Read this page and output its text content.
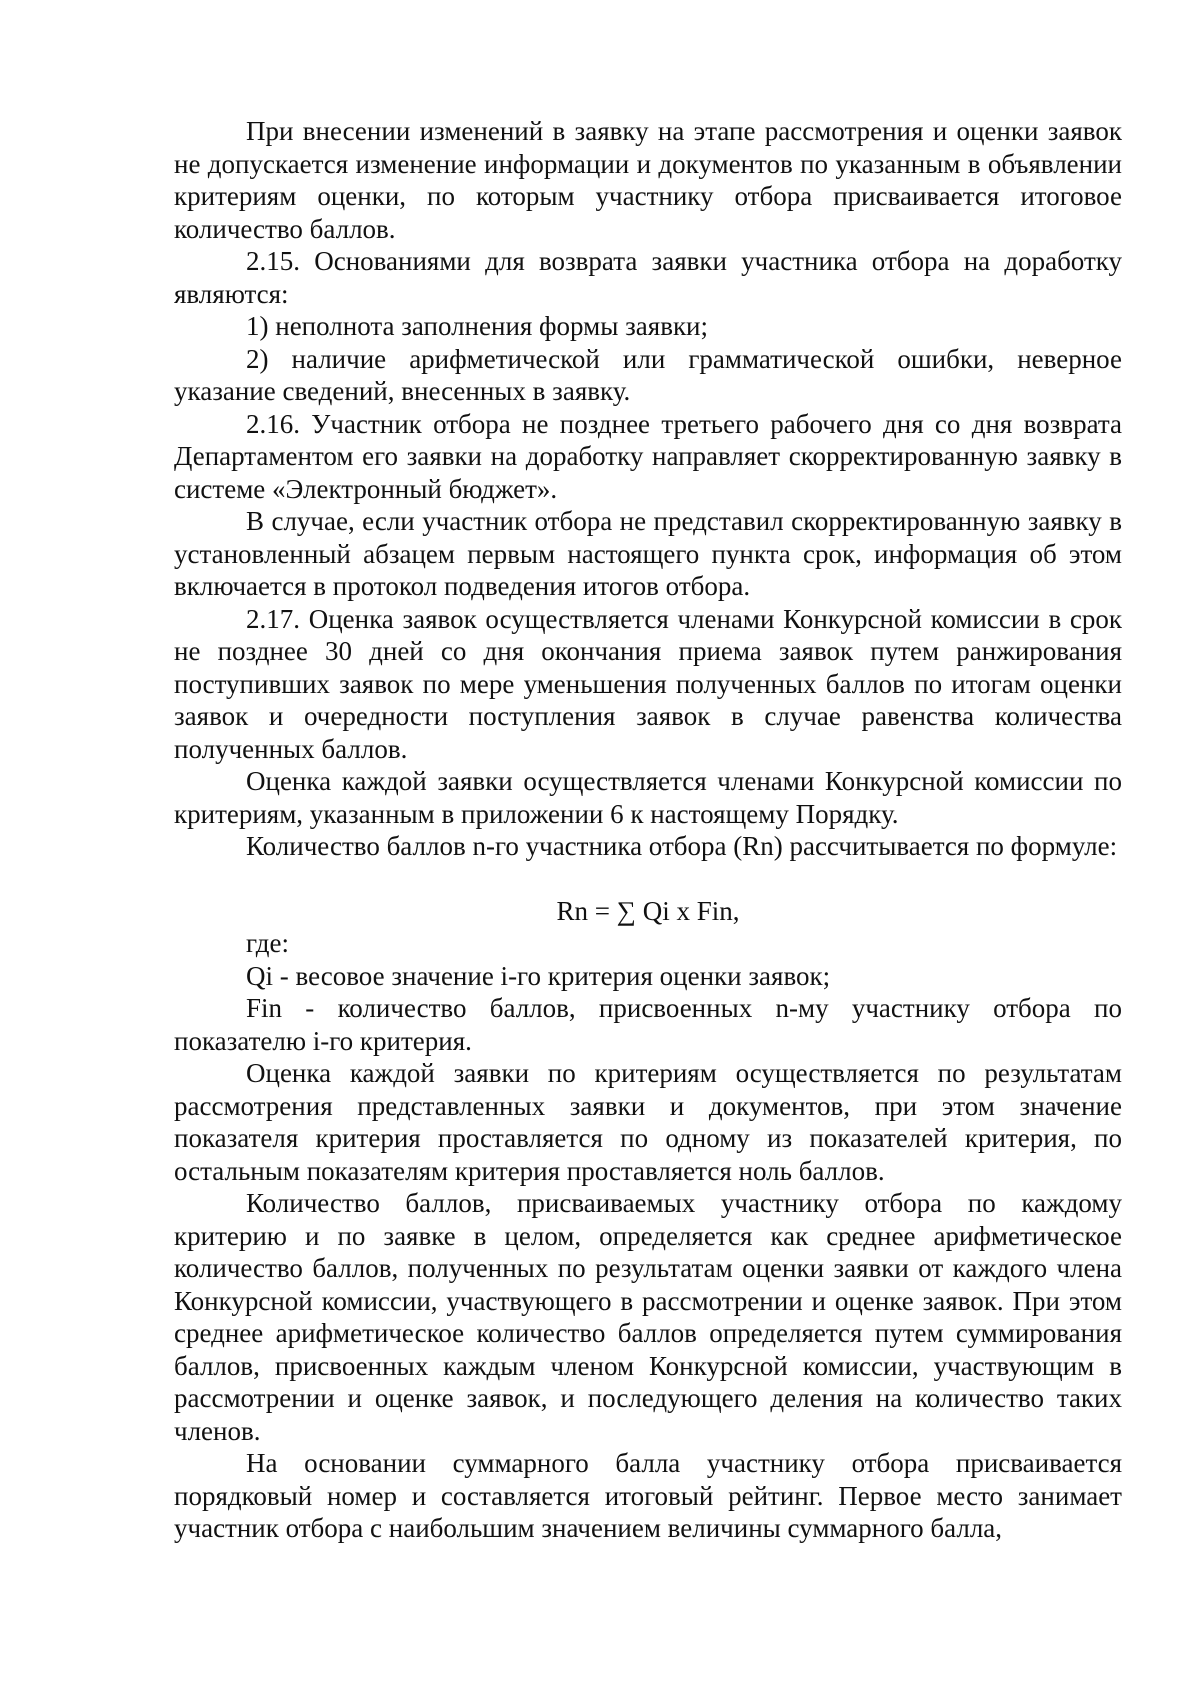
При внесении изменений в заявку на этапе рассмотрения и оценки заявок не допускается изменение информации и документов по указанным в объявлении критериям оценки, по которым участнику отбора присваивается итоговое количество баллов.

2.15. Основаниями для возврата заявки участника отбора на доработку являются:

1) неполнота заполнения формы заявки;

2) наличие арифметической или грамматической ошибки, неверное указание сведений, внесенных в заявку.

2.16. Участник отбора не позднее третьего рабочего дня со дня возврата Департаментом его заявки на доработку направляет скорректированную заявку в системе «Электронный бюджет».

В случае, если участник отбора не представил скорректированную заявку в установленный абзацем первым настоящего пункта срок, информация об этом включается в протокол подведения итогов отбора.

2.17. Оценка заявок осуществляется членами Конкурсной комиссии в срок не позднее 30 дней со дня окончания приема заявок путем ранжирования поступивших заявок по мере уменьшения полученных баллов по итогам оценки заявок и очередности поступления заявок в случае равенства количества полученных баллов.

Оценка каждой заявки осуществляется членами Конкурсной комиссии по критериям, указанным в приложении 6 к настоящему Порядку.

Количество баллов n-го участника отбора (Rn) рассчитывается по формуле:

Rn = ∑ Qi x Fin,

где:

Qi - весовое значение i-го критерия оценки заявок;

Fin - количество баллов, присвоенных n-му участнику отбора по показателю i-го критерия.

Оценка каждой заявки по критериям осуществляется по результатам рассмотрения представленных заявки и документов, при этом значение показателя критерия проставляется по одному из показателей критерия, по остальным показателям критерия проставляется ноль баллов.

Количество баллов, присваиваемых участнику отбора по каждому критерию и по заявке в целом, определяется как среднее арифметическое количество баллов, полученных по результатам оценки заявки от каждого члена Конкурсной комиссии, участвующего в рассмотрении и оценке заявок. При этом среднее арифметическое количество баллов определяется путем суммирования баллов, присвоенных каждым членом Конкурсной комиссии, участвующим в рассмотрении и оценке заявок, и последующего деления на количество таких членов.

На основании суммарного балла участнику отбора присваивается порядковый номер и составляется итоговый рейтинг. Первое место занимает участник отбора с наибольшим значением величины суммарного балла,
